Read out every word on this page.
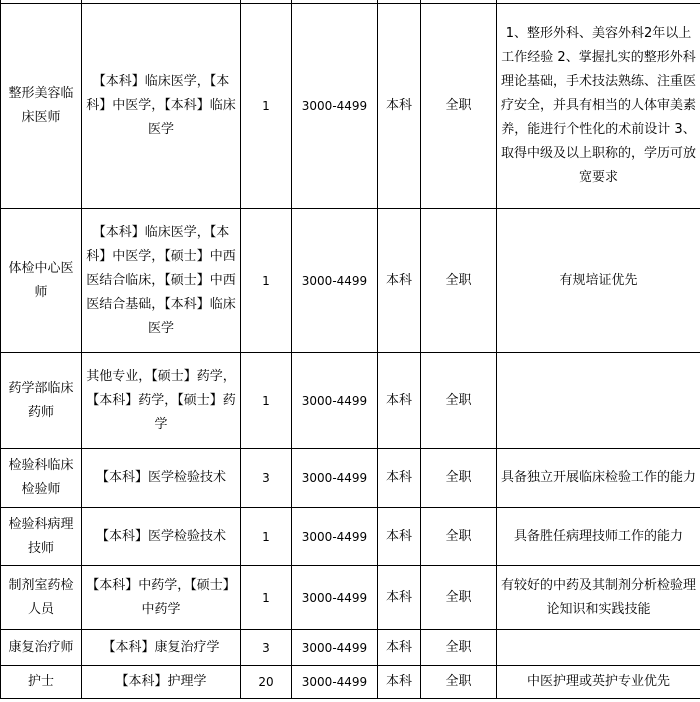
整形美容临床医师	【本科】临床医学，【本科】中医学，【本科】临床医学	1	3000-4499	本科	全职	1、整形外科、美容外科2年以上工作经验 2、掌握扎实的整形外科理论基础，手术技法熟练、注重医疗安全，并具有相当的人体审美素养，能进行个性化的术前设计 3、取得中级及以上职称的，学历可放宽要求
体检中心医师	【本科】临床医学，【本科】中医学，【硕士】中西医结合临床，【硕士】中西医结合基础，【本科】临床医学	1	3000-4499	本科	全职	有规培证优先
药学部临床药师	其他专业，【硕士】药学，【本科】药学，【硕士】药学	1	3000-4499	本科	全职	
检验科临床检验师	【本科】医学检验技术	3	3000-4499	本科	全职	具备独立开展临床检验工作的能力
检验科病理技师	【本科】医学检验技术	1	3000-4499	本科	全职	具备胜任病理技师工作的能力
制剂室药检人员	【本科】中药学，【硕士】中药学	1	3000-4499	本科	全职	有较好的中药及其制剂分析检验理论知识和实践技能
康复治疗师	【本科】康复治疗学	3	3000-4499	本科	全职	
护士	【本科】护理学	20	3000-4499	本科	全职	中医护理或英护专业优先
